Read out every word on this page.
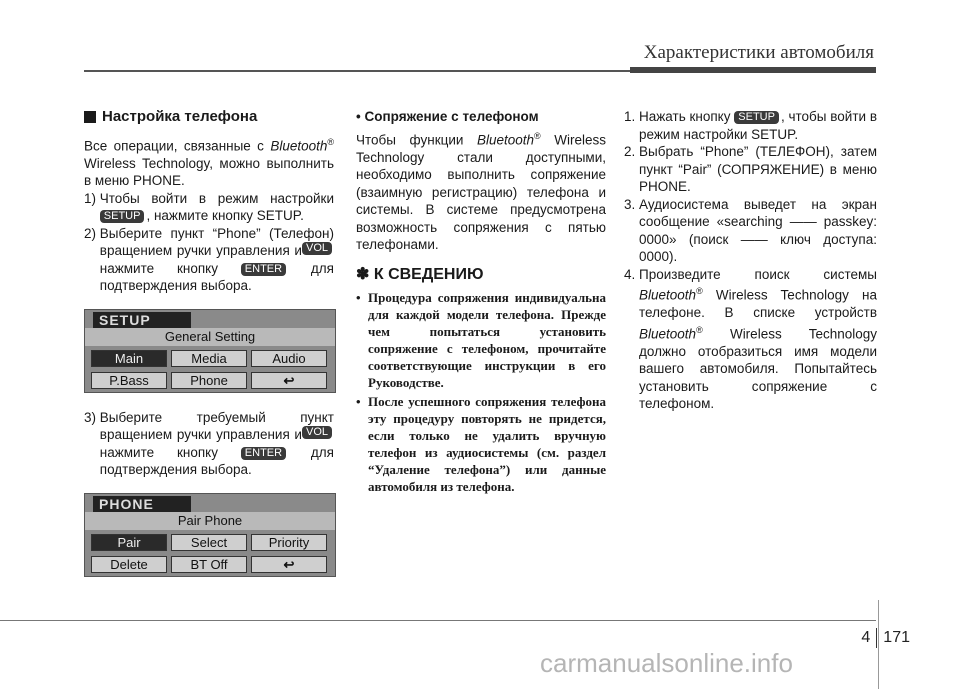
Характеристики автомобиля
Настройка телефона

Все операции, связанные с Bluetooth® Wireless Technology, можно выполнить в меню PHONE.

1) Чтобы войти в режим настройки SETUP , нажмите кнопку SETUP.
2) Выберите пункт “Phone” (Телефон) вращением ручки	VOL
управления и нажмите кнопку ENTER для подтверждения выбора.
SETUP
General Setting
Main	Media	Audio
P.Bass	Phone	↩
3) Выберите требуемый пункт вращением ручки	VOL
управления и нажмите кнопку ENTER для подтверждения выбора.
PHONE
Pair Phone
Pair	Select	Priority
Delete	BT Off	↩
• Сопряжение с телефоном

Чтобы функции Bluetooth® Wireless Technology стали доступными, необходимо выполнить сопряжение (взаимную регистрацию) телефона и системы. В системе предусмотрена возможность сопряжения с пятью телефонами.

✽ К СВЕДЕНИЮ
• Процедура сопряжения индивидуальна для каждой модели телефона. Прежде чем попытаться установить сопряжение с телефоном, прочитайте соответствующие инструкции в его Руководстве.
• После успешного сопряжения телефона эту процедуру повторять не придется, если только не удалить вручную телефон из аудиосистемы (см. раздел “Удаление телефона”) или данные автомобиля из телефона.
1. Нажать кнопку SETUP , чтобы войти в режим настройки SETUP.
2. Выбрать “Phone” (ТЕЛЕФОН), затем пункт “Pair” (СОПРЯЖЕНИЕ) в меню PHONE.
3. Аудиосистема выведет на экран сообщение «searching —— passkey: 0000» (поиск —— ключ доступа: 0000).
4. Произведите поиск системы Bluetooth® Wireless Technology на телефоне. В списке устройств Bluetooth® Wireless Technology должно отобразиться имя модели вашего автомобиля. Попытайтесь установить сопряжение с телефоном.
4 171
carmanualsonline.info
